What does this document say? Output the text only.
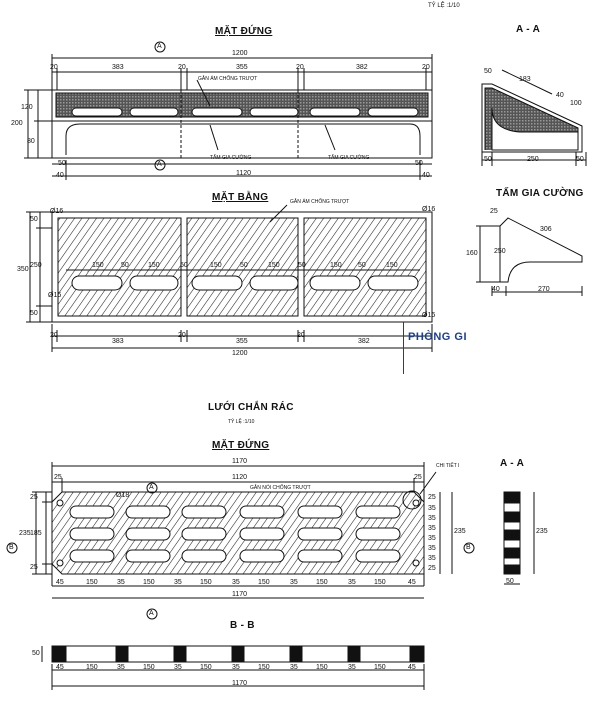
TỶ LỆ :1/10
MẶT ĐỨNG
A
A
1200
20	383	20	355	20	382	20
120
200
80
50	50
1120
40	40
GÂN ÁM CHỐNG TRƯỢT
TẤM GIA CƯỜNG	TẤM GIA CƯỜNG
A - A
50
183
40
100
50	250	50
MẶT BẰNG	GÂN ÁM CHỐNG TRƯỢT
Ø16	Ø16
Ø16
Ø16
50
250
350
50
150	150	150	150	150	150
50	50	50	50	50
20
383
20
355
20
382
1200
TẤM GIA CƯỜNG
25
306
160 250
40	270
PHÒNG GI
LƯỚI CHẮN RÁC
TỶ LỆ :1/10
MẶT ĐỨNG
1170
1120
25	25
CHI TIẾT I
GÂN NỔI CHỐNG TRƯỢT
Ø18
A
A
B	B
25
185
235
25
25
35
35
35
35
35
35
25
235
45	150	35	150	35	150	35	150	35	150	35	150	45
1170
A - A
235
50
B - B
50
45	150	35	150	35	150	35	150	35	150	35	150	45
1170
